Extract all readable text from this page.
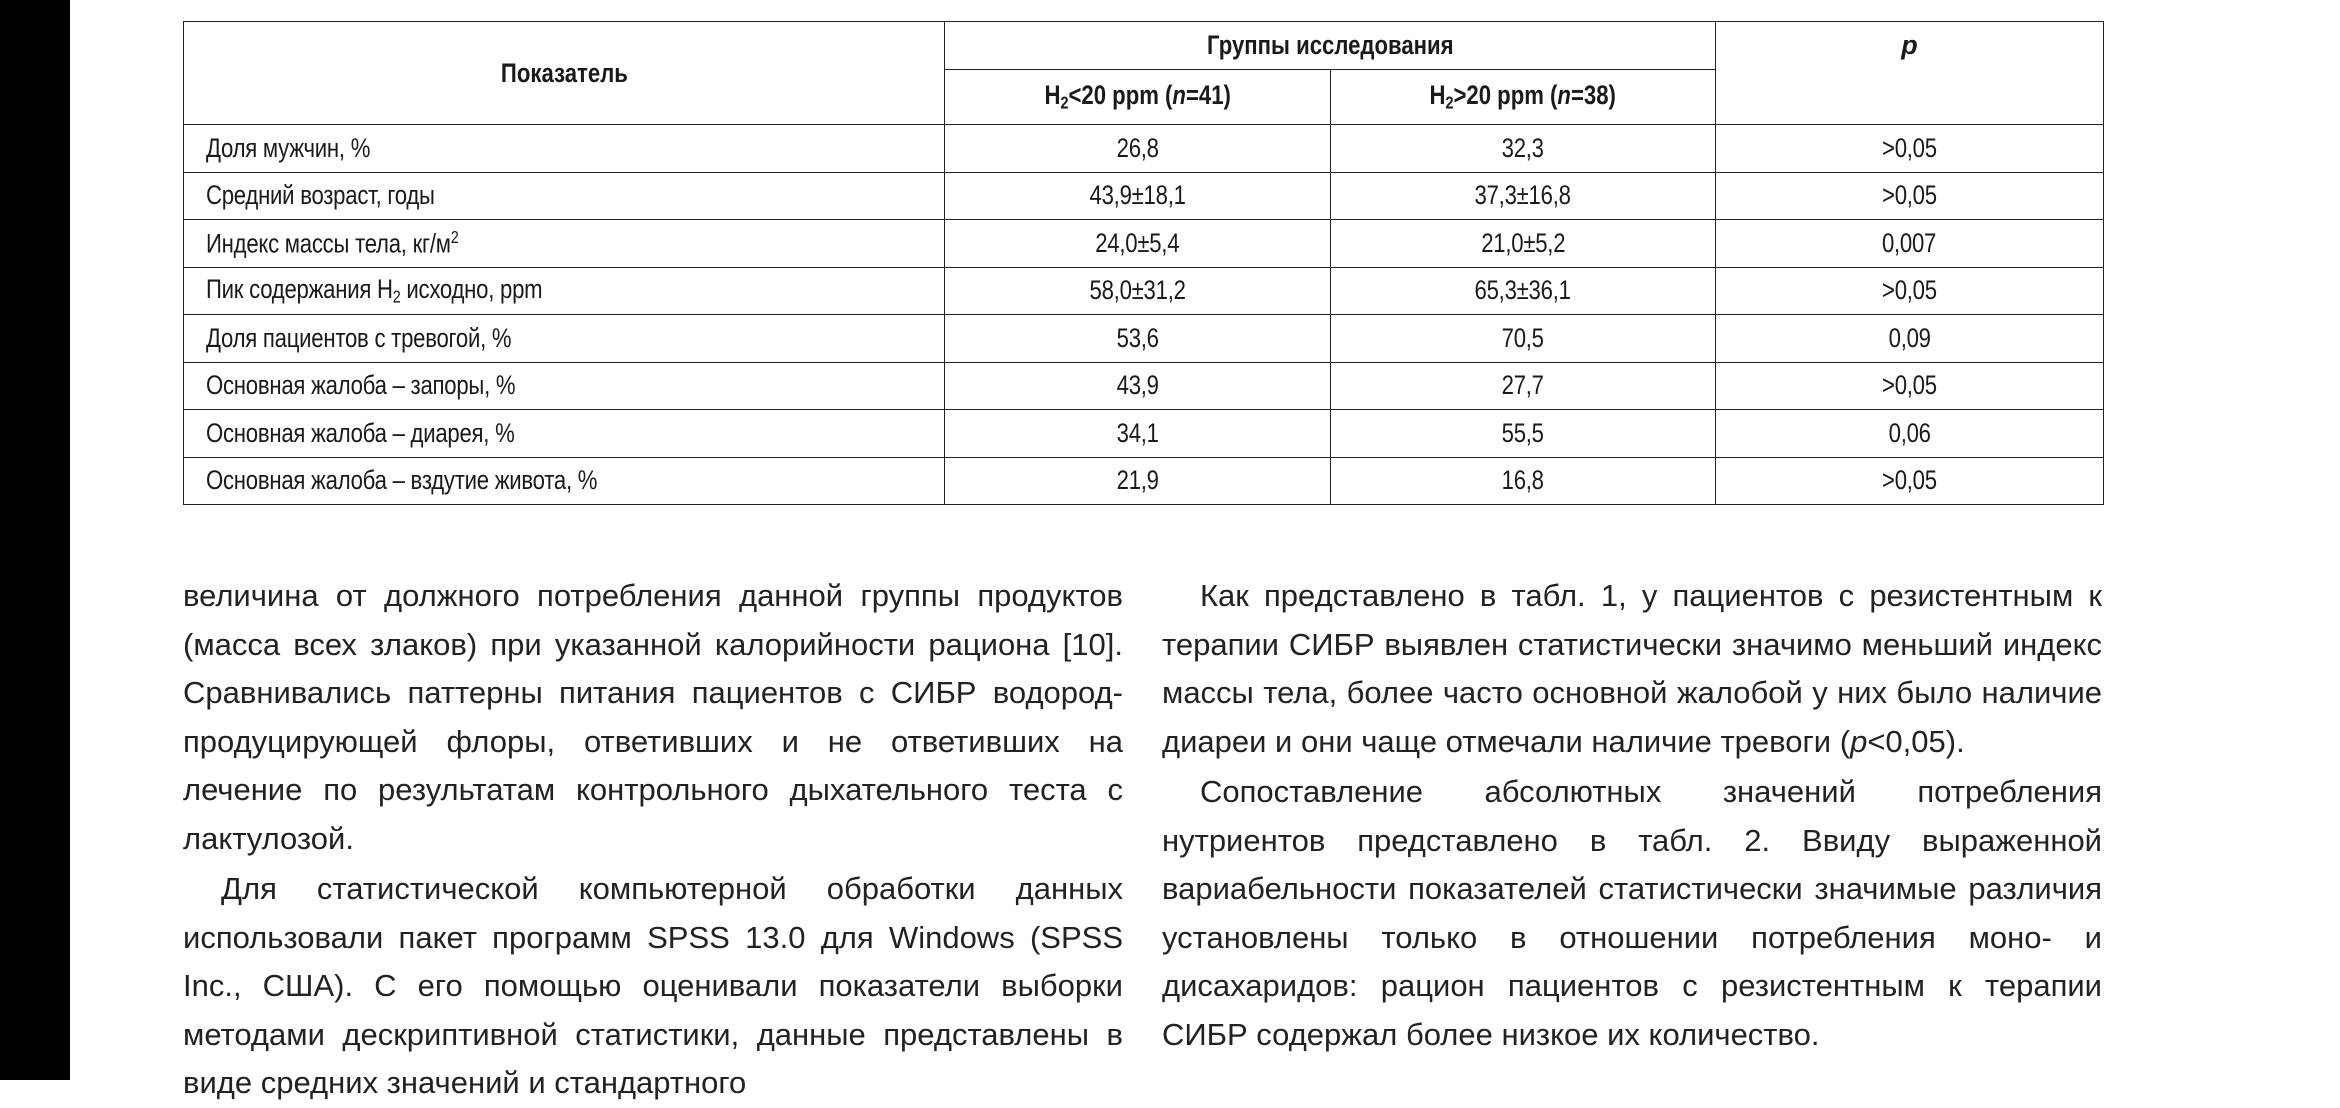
Показатель	Группы исследования		p
	$H_2<20$ ppm (n=41)	$H_2>20$ ppm (n=38)	
Доля мужчин, %	26,8	32,3	>0,05
Средний возраст, годы	43,9±18,1	37,3±16,8	>0,05
Индекс массы тела, $кг/м^2$	24,0±5,4	21,0±5,2	0,007
Пик содержания $H_2$ исходно, ppm	58,0±31,2	65,3±36,1	>0,05
Доля пациентов с тревогой, %	53,6	70,5	0,09
Основная жалоба – запоры, %	43,9	27,7	>0,05
Основная жалоба – диарея, %	34,1	55,5	0,06
Основная жалоба – вздутие живота, %	21,9	16,8	>0,05

величина от должного потребления данной группы продуктов (масса всех злаков) при указанной калорийности рациона [10]. Сравнивались паттерны питания пациентов с СИБР водород-продуцирующей флоры, ответивших и не ответивших на лечение по результатам контрольного дыхательного теста с лактулозой.

Для статистической компьютерной обработки данных использовали пакет программ SPSS 13.0 для Windows (SPSS Inc., США). С его помощью оценивали показатели выборки методами дескриптивной статистики, данные представлены в виде средних значений и стандартного

Как представлено в табл. 1, у пациентов с резистентным к терапии СИБР выявлен статистически значимо меньший индекс массы тела, более часто основной жалобой у них было наличие диареи и они чаще отмечали наличие тревоги (p<0,05).

Сопоставление абсолютных значений потребления нутриентов представлено в табл. 2. Ввиду выраженной вариабельности показателей статистически значимые различия установлены только в отношении потребления моно- и дисахаридов: рацион пациентов с резистентным к терапии СИБР содержал более низкое их количество.
